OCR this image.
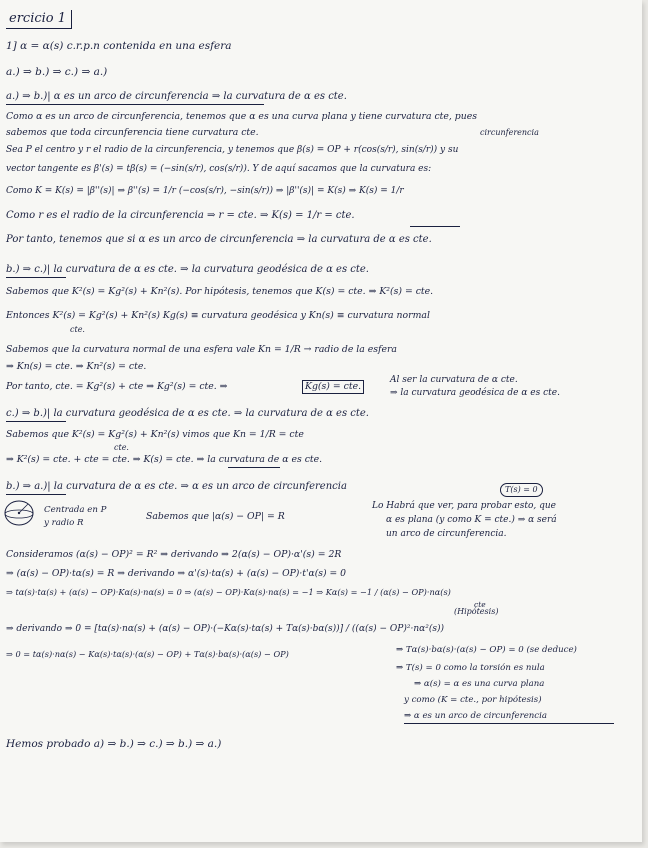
ercicio 1
1] α = α(s) c.r.p.n contenida en una esfera
a.) ⇒ b.) ⇒ c.) ⇒ a.)
a.) ⇒ b.)| α es un arco de circunferencia ⇒ la curvatura de α es cte.
Como α es un arco de circunferencia, tenemos que α es una curva plana y tiene curvatura cte, pues
sabemos que toda circunferencia tiene curvatura cte.	circunferencia
Sea P el centro y r el radio de la circunferencia, y tenemos que β(s) = OP + r(cos(s/r), sin(s/r)) y su
vector tangente es β'(s) = tβ(s) = (−sin(s/r), cos(s/r)). Y de aquí sacamos que la curvatura es:
Como K = K(s) = |β''(s)| ⇒ β''(s) = 1/r (−cos(s/r), −sin(s/r)) ⇒ |β''(s)| = K(s) ⇒ K(s) = 1/r
Como r es el radio de la circunferencia ⇒ r = cte. ⇒ K(s) = 1/r = cte.
Por tanto, tenemos que si α es un arco de circunferencia ⇒ la curvatura de α es cte.
b.) ⇒ c.)| la curvatura de α es cte. ⇒ la curvatura geodésica de α es cte.
Sabemos que K²(s) = Kg²(s) + Kn²(s). Por hipótesis, tenemos que K(s) = cte. ⇒ K²(s) = cte.
Entonces K²(s) = Kg²(s) + Kn²(s) Kg(s) ≡ curvatura geodésica y Kn(s) ≡ curvatura normal
cte.
Sabemos que la curvatura normal de una esfera vale Kn = 1/R → radio de la esfera
⇒ Kn(s) = cte. ⇒ Kn²(s) = cte.
Por tanto, cte. = Kg²(s) + cte ⇒ Kg²(s) = cte. ⇒	Kg(s) = cte.
Al ser la curvatura de α cte.
⇒ la curvatura geodésica de α es cte.
c.) ⇒ b.)| la curvatura geodésica de α es cte. ⇒ la curvatura de α es cte.
Sabemos que K²(s) = Kg²(s) + Kn²(s) vimos que Kn = 1/R = cte
cte.
⇒ K²(s) = cte. + cte = cte. ⇒ K(s) = cte. ⇒ la curvatura de α es cte.
b.) ⇒ a.)| la curvatura de α es cte. ⇒ α es un arco de circunferencia	T(s) = 0
Centrada en P
y radio R
Sabemos que |α(s) − OP| = R
Lo Habrá que ver, para probar esto, que
α es plana (y como K = cte.) ⇒ α será
un arco de circunferencia.
Consideramos (α(s) − OP)² = R² ⇒ derivando ⇒ 2(α(s) − OP)·α'(s) = 2R
⇒ (α(s) − OP)·tα(s) = R ⇒ derivando ⇒ α'(s)·tα(s) + (α(s) − OP)·t'α(s) = 0
⇒ tα(s)·tα(s) + (α(s) − OP)·Kα(s)·nα(s) = 0 ⇒ (α(s) − OP)·Kα(s)·nα(s) = −1 ⇒ Kα(s) = −1 / (α(s) − OP)·nα(s)
cte
(Hipótesis)
⇒ derivando ⇒ 0 = [tα(s)·nα(s) + (α(s) − OP)·(−Kα(s)·tα(s) + Tα(s)·bα(s))] / ((α(s) − OP)²·nα²(s))
⇒ 0 = tα(s)·nα(s) − Kα(s)·tα(s)·(α(s) − OP) + Tα(s)·bα(s)·(α(s) − OP)	⇒ Tα(s)·bα(s)·(α(s) − OP) = 0 (se deduce)
⇒ T(s) = 0 como la torsión es nula
⇒ α(s) = α es una curva plana
y como (K = cte., por hipótesis)
⇒ α es un arco de circunferencia
Hemos probado a) ⇒ b.) ⇒ c.) ⇒ b.) ⇒ a.)
